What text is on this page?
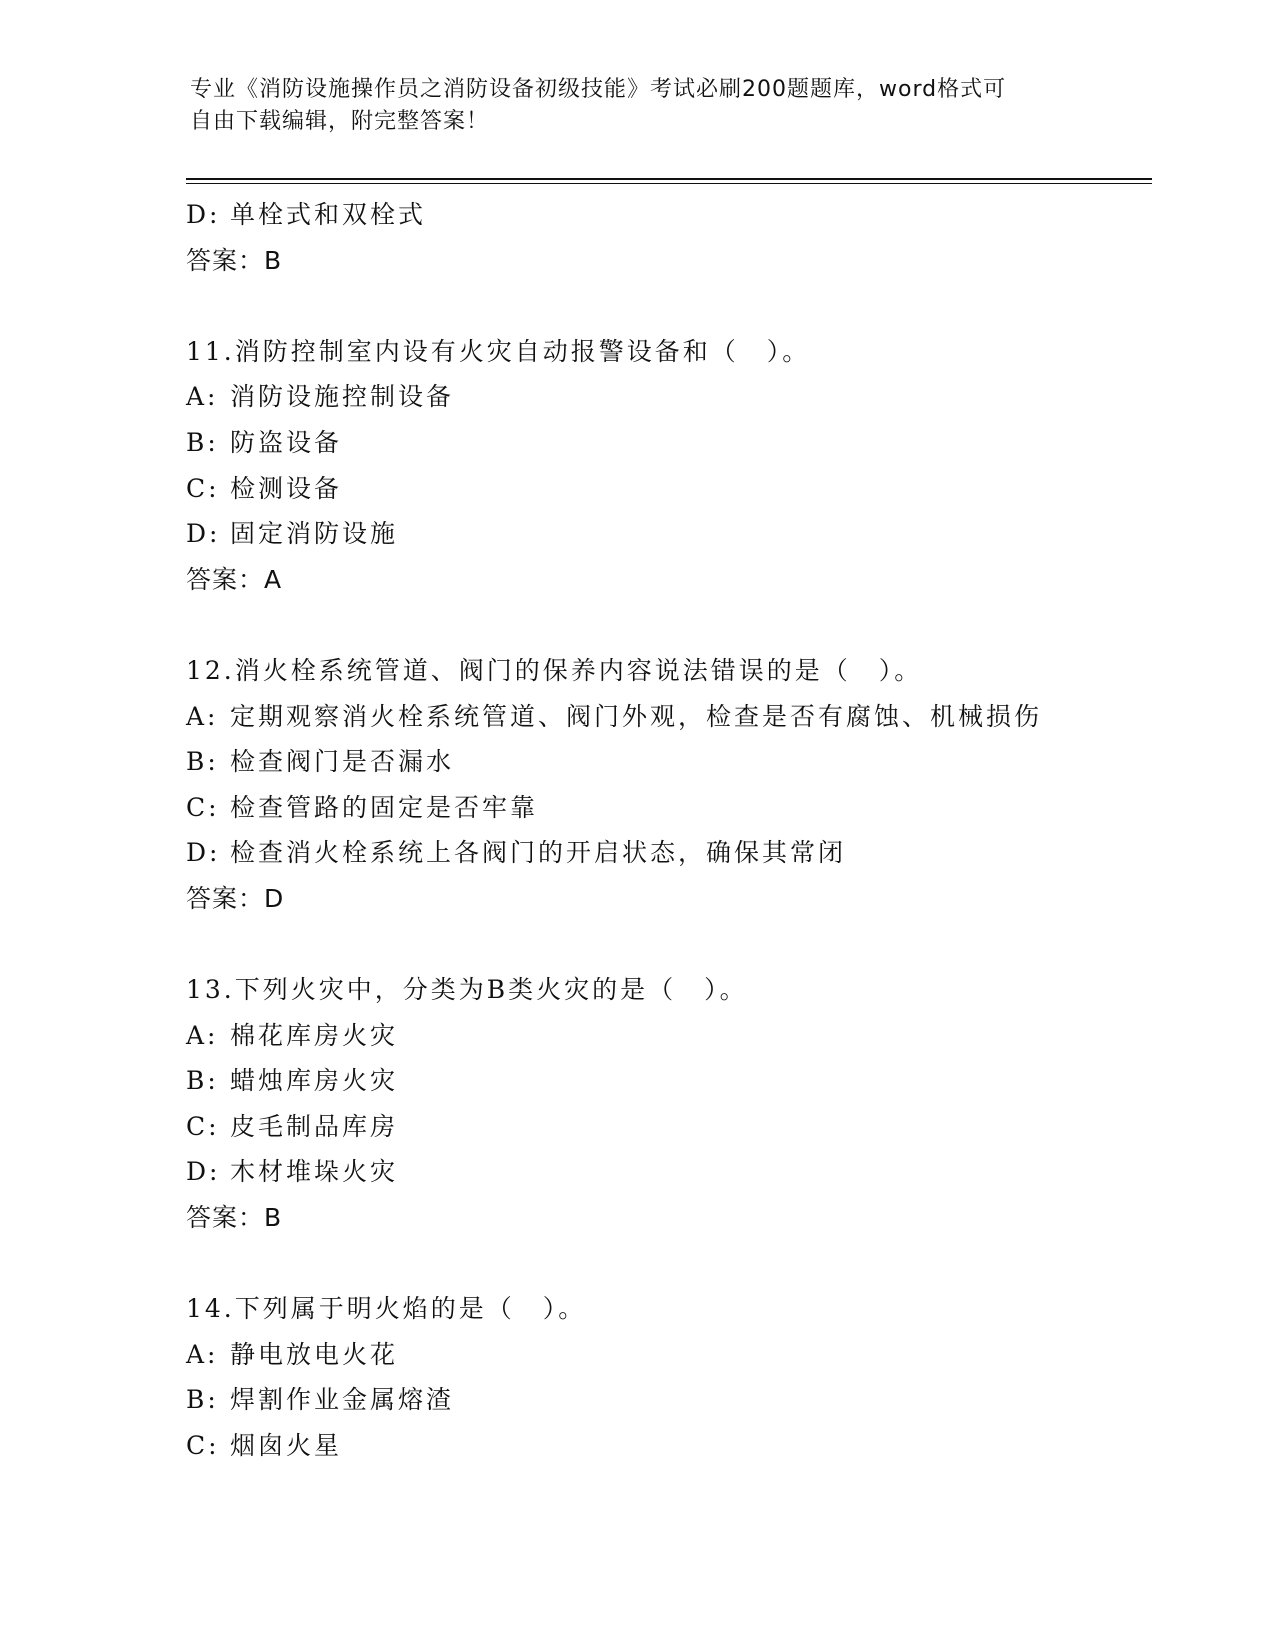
专业《消防设施操作员之消防设备初级技能》考试必刷200题题库，word格式可
自由下载编辑，附完整答案！
D: 单栓式和双栓式
答案：B
11.消防控制室内设有火灾自动报警设备和（　）。
A: 消防设施控制设备
B: 防盗设备
C: 检测设备
D: 固定消防设施
答案：A
12.消火栓系统管道、阀门的保养内容说法错误的是（　）。
A: 定期观察消火栓系统管道、阀门外观，检查是否有腐蚀、机械损伤
B: 检查阀门是否漏水
C: 检查管路的固定是否牢靠
D: 检查消火栓系统上各阀门的开启状态，确保其常闭
答案：D
13.下列火灾中，分类为B类火灾的是（　）。
A: 棉花库房火灾
B: 蜡烛库房火灾
C: 皮毛制品库房
D: 木材堆垛火灾
答案：B
14.下列属于明火焰的是（　）。
A: 静电放电火花
B: 焊割作业金属熔渣
C: 烟囱火星
